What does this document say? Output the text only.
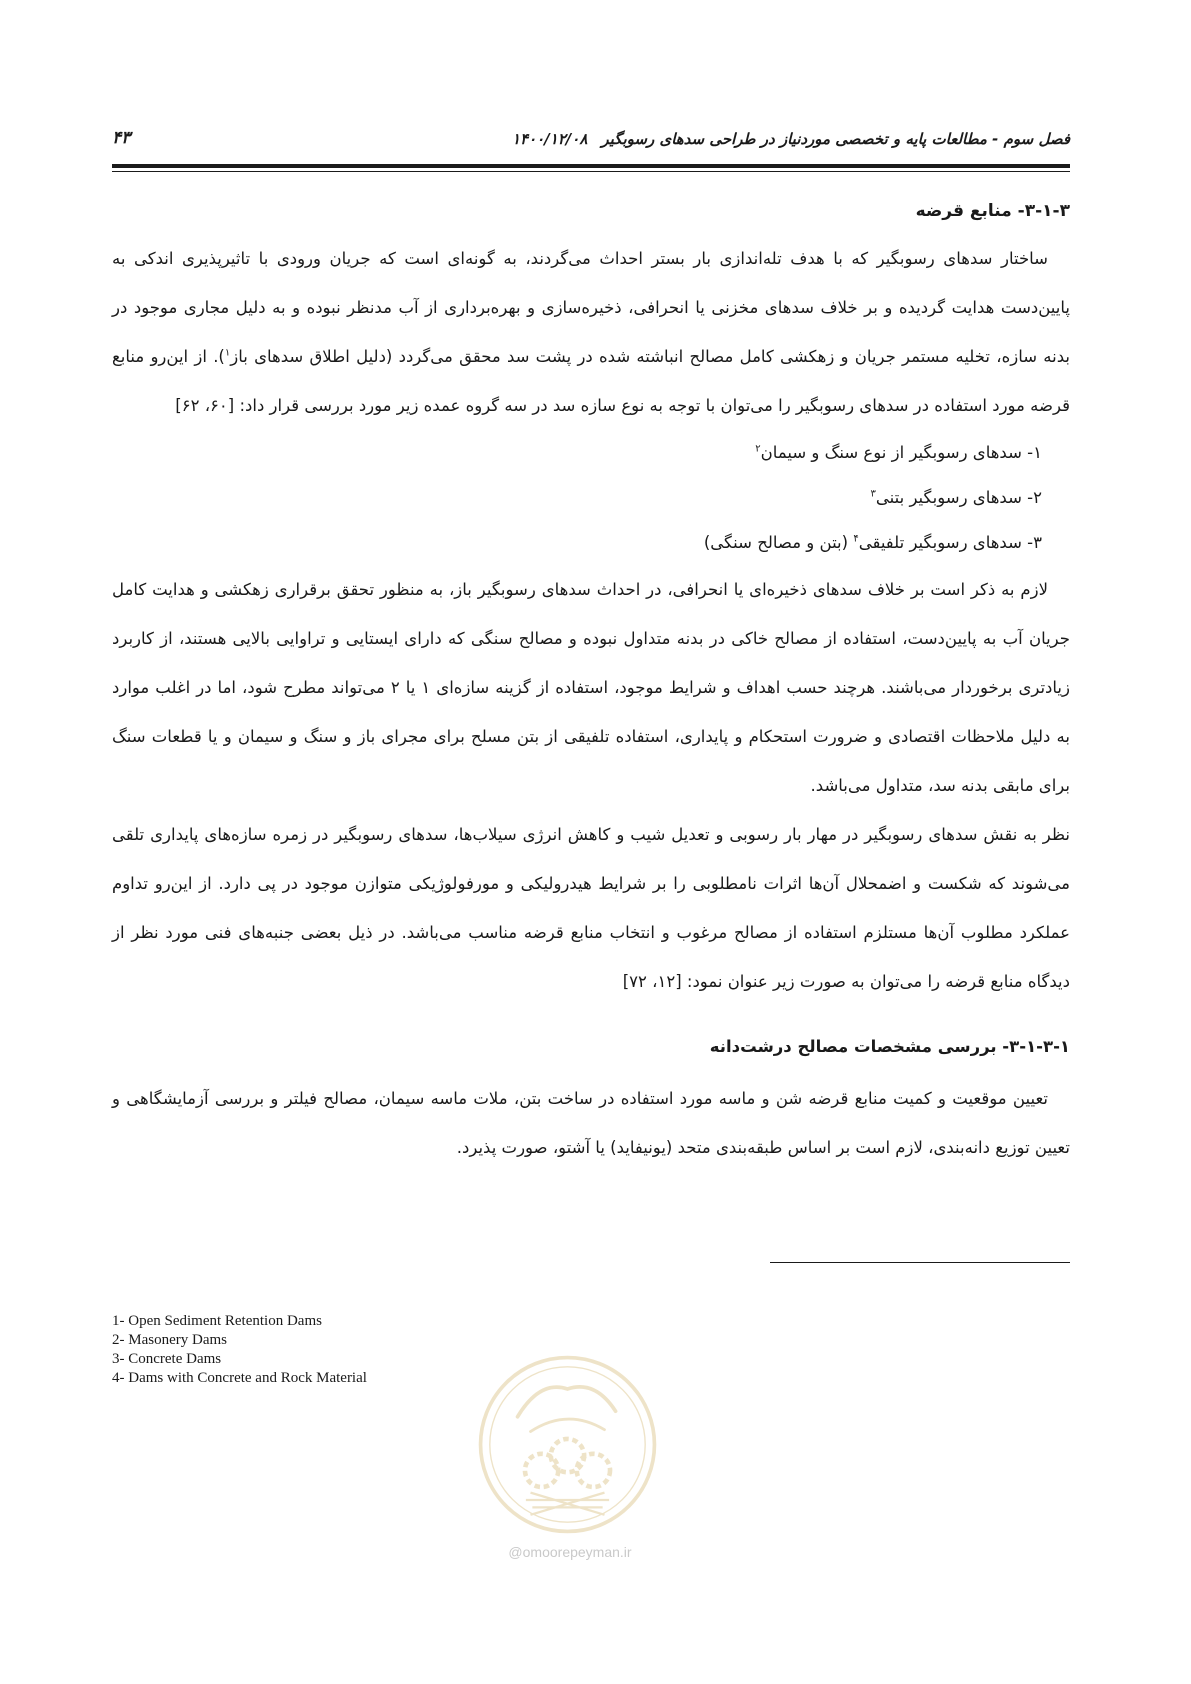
فصل سوم - مطالعات پایه و تخصصی موردنیاز در طراحی سدهای رسوبگیر۱۴۰۰/۱۲/۰۸
۴۳

۳-۱-۳- منابع قرضه

ساختار سدهای رسوبگیر که با هدف تله‌اندازی بار بستر احداث می‌گردند، به گونه‌ای است که جریان ورودی با تاثیرپذیری اندکی به پایین‌دست هدایت گردیده و بر خلاف سدهای مخزنی یا انحرافی، ذخیره‌سازی و بهره‌برداری از آب مدنظر نبوده و به دلیل مجاری موجود در بدنه سازه، تخلیه مستمر جریان و زهکشی کامل مصالح انباشته شده در پشت سد محقق می‌گردد (دلیل اطلاق سدهای باز$^۱$). از این‌رو منابع قرضه مورد استفاده در سدهای رسوبگیر را می‌توان با توجه به نوع سازه سد در سه گروه عمده زیر مورد بررسی قرار داد: [۶۰، ۶۲]

۱- سدهای رسوبگیر از نوع سنگ و سیمان$^۲$
۲- سدهای رسوبگیر بتنی$^۳$
۳- سدهای رسوبگیر تلفیقی$^۴$ (بتن و مصالح سنگی)

لازم به ذکر است بر خلاف سدهای ذخیره‌ای یا انحرافی، در احداث سدهای رسوبگیر باز، به منظور تحقق برقراری زهکشی و هدایت کامل جریان آب به پایین‌دست، استفاده از مصالح خاکی در بدنه متداول نبوده و مصالح سنگی که دارای ایستایی و تراوایی بالایی هستند، از کاربرد زیادتری برخوردار می‌باشند. هرچند حسب اهداف و شرایط موجود، استفاده از گزینه سازه‌ای ۱ یا ۲ می‌تواند مطرح شود، اما در اغلب موارد به دلیل ملاحظات اقتصادی و ضرورت استحکام و پایداری، استفاده تلفیقی از بتن مسلح برای مجرای باز و سنگ و سیمان و یا قطعات سنگ برای مابقی بدنه سد، متداول می‌باشد.

نظر به نقش سدهای رسوبگیر در مهار بار رسوبی و تعدیل شیب و کاهش انرژی سیلاب‌ها، سدهای رسوبگیر در زمره سازه‌های پایداری تلقی می‌شوند که شکست و اضمحلال آن‌ها اثرات نامطلوبی را بر شرایط هیدرولیکی و مورفولوژیکی متوازن موجود در پی دارد. از این‌رو تداوم عملکرد مطلوب آن‌ها مستلزم استفاده از مصالح مرغوب و انتخاب منابع قرضه مناسب می‌باشد. در ذیل بعضی جنبه‌های فنی مورد نظر از دیدگاه منابع قرضه را می‌توان به صورت زیر عنوان نمود: [۱۲، ۷۲]

۳-۱-۳-۱- بررسی مشخصات مصالح درشت‌دانه

تعیین موقعیت و کمیت منابع قرضه شن و ماسه مورد استفاده در ساخت بتن، ملات ماسه سیمان، مصالح فیلتر و بررسی آزمایشگاهی و تعیین توزیع دانه‌بندی، لازم است بر اساس طبقه‌بندی متحد (یونیفاید) یا آشتو، صورت پذیرد.

1- Open Sediment Retention Dams
2- Masonery Dams
3- Concrete Dams
4- Dams with Concrete and Rock Material
@omoorepeyman.ir
